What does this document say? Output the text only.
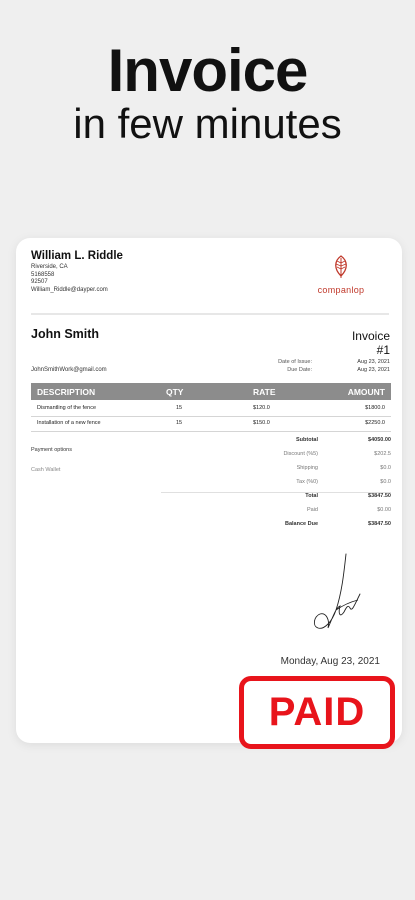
Invoice
in few minutes
William L. Riddle
Riverside, CA
5168558
92507
William_Riddle@dayper.com	companlop
John Smith
JohnSmithWork@gmail.com
Invoice
#1
Date of Issue:	Aug 23, 2021
Due Date:	Aug 23, 2021
DESCRIPTION	QTY	RATE	AMOUNT
Dismantling of the fence	15	$120.0	$1800.0
Installation of a new fence	15	$150.0	$2250.0
Payment options
Cash Wallet
Subtotal	$4050.00
Discount (%5)	$202.5
Shipping	$0.0
Tax (%0)	$0.0
Total	$3847.50
Paid	$0.00
Balance Due	$3847.50
Monday, Aug 23, 2021
PAID
